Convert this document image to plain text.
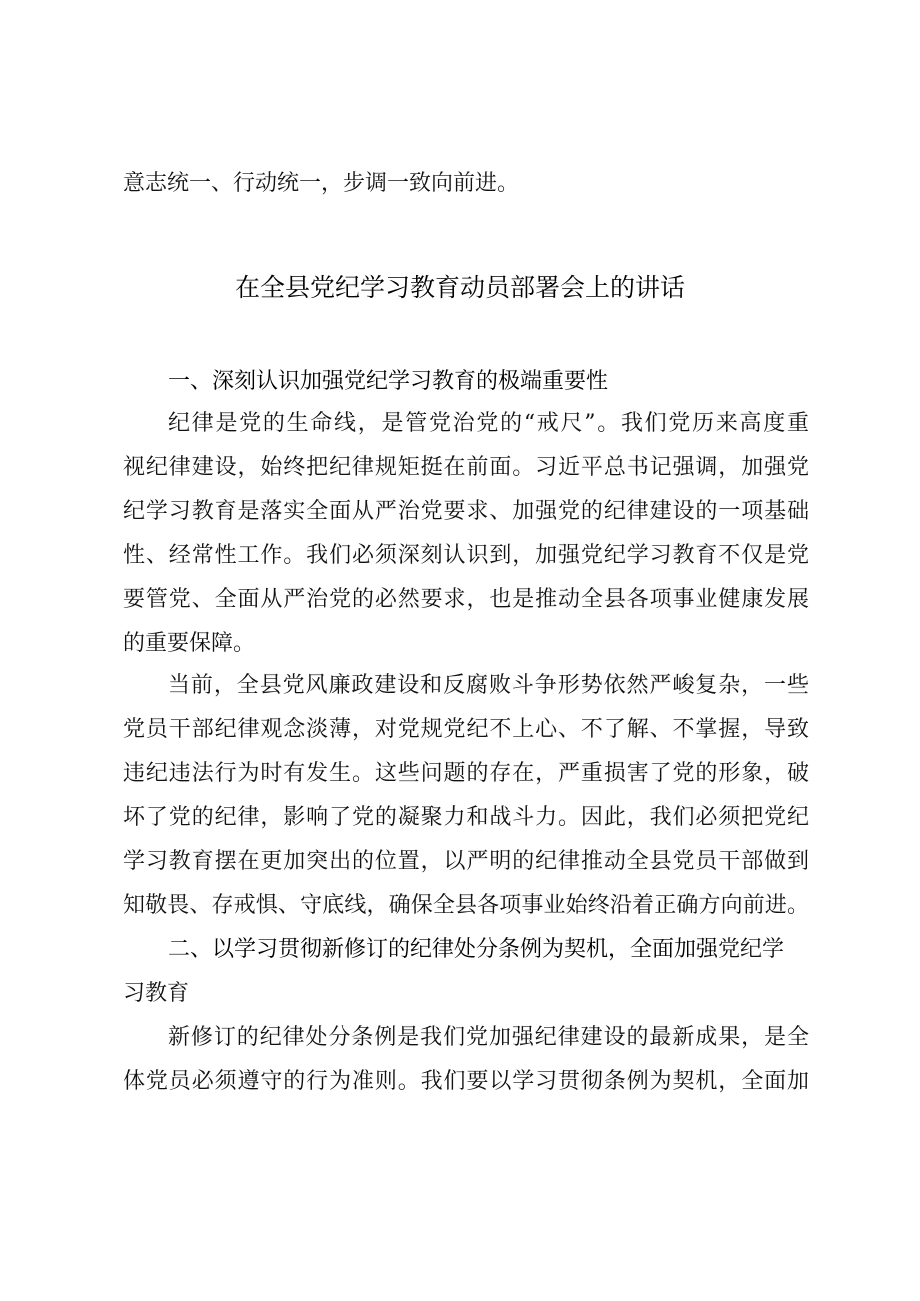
意志统一、行动统一，步调一致向前进。
在全县党纪学习教育动员部署会上的讲话
一、深刻认识加强党纪学习教育的极端重要性
纪律是党的生命线，是管党治党的“戒尺”。我们党历来高度重
视纪律建设，始终把纪律规矩挺在前面。习近平总书记强调，加强党
纪学习教育是落实全面从严治党要求、加强党的纪律建设的一项基础
性、经常性工作。我们必须深刻认识到，加强党纪学习教育不仅是党
要管党、全面从严治党的必然要求，也是推动全县各项事业健康发展
的重要保障。
当前，全县党风廉政建设和反腐败斗争形势依然严峻复杂，一些
党员干部纪律观念淡薄，对党规党纪不上心、不了解、不掌握，导致
违纪违法行为时有发生。这些问题的存在，严重损害了党的形象，破
坏了党的纪律，影响了党的凝聚力和战斗力。因此，我们必须把党纪
学习教育摆在更加突出的位置，以严明的纪律推动全县党员干部做到
知敬畏、存戒惧、守底线，确保全县各项事业始终沿着正确方向前进。
二、以学习贯彻新修订的纪律处分条例为契机，全面加强党纪学
习教育
新修订的纪律处分条例是我们党加强纪律建设的最新成果，是全
体党员必须遵守的行为准则。我们要以学习贯彻条例为契机，全面加
